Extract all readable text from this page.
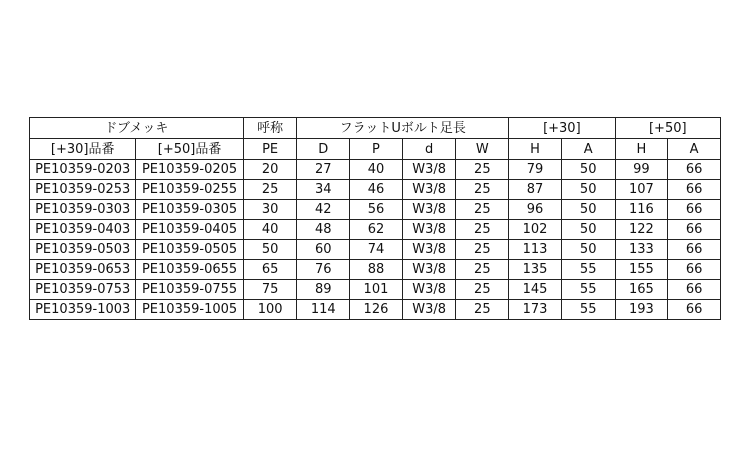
ドブメッキ		呼称	フラットUボルト足長				[+30]		[+50]	
[+30]品番	[+50]品番	PE	D	P	d	W	H	A	H	A
PE10359-0203	PE10359-0205	20	27	40	W3/8	25	79	50	99	66
PE10359-0253	PE10359-0255	25	34	46	W3/8	25	87	50	107	66
PE10359-0303	PE10359-0305	30	42	56	W3/8	25	96	50	116	66
PE10359-0403	PE10359-0405	40	48	62	W3/8	25	102	50	122	66
PE10359-0503	PE10359-0505	50	60	74	W3/8	25	113	50	133	66
PE10359-0653	PE10359-0655	65	76	88	W3/8	25	135	55	155	66
PE10359-0753	PE10359-0755	75	89	101	W3/8	25	145	55	165	66
PE10359-1003	PE10359-1005	100	114	126	W3/8	25	173	55	193	66
